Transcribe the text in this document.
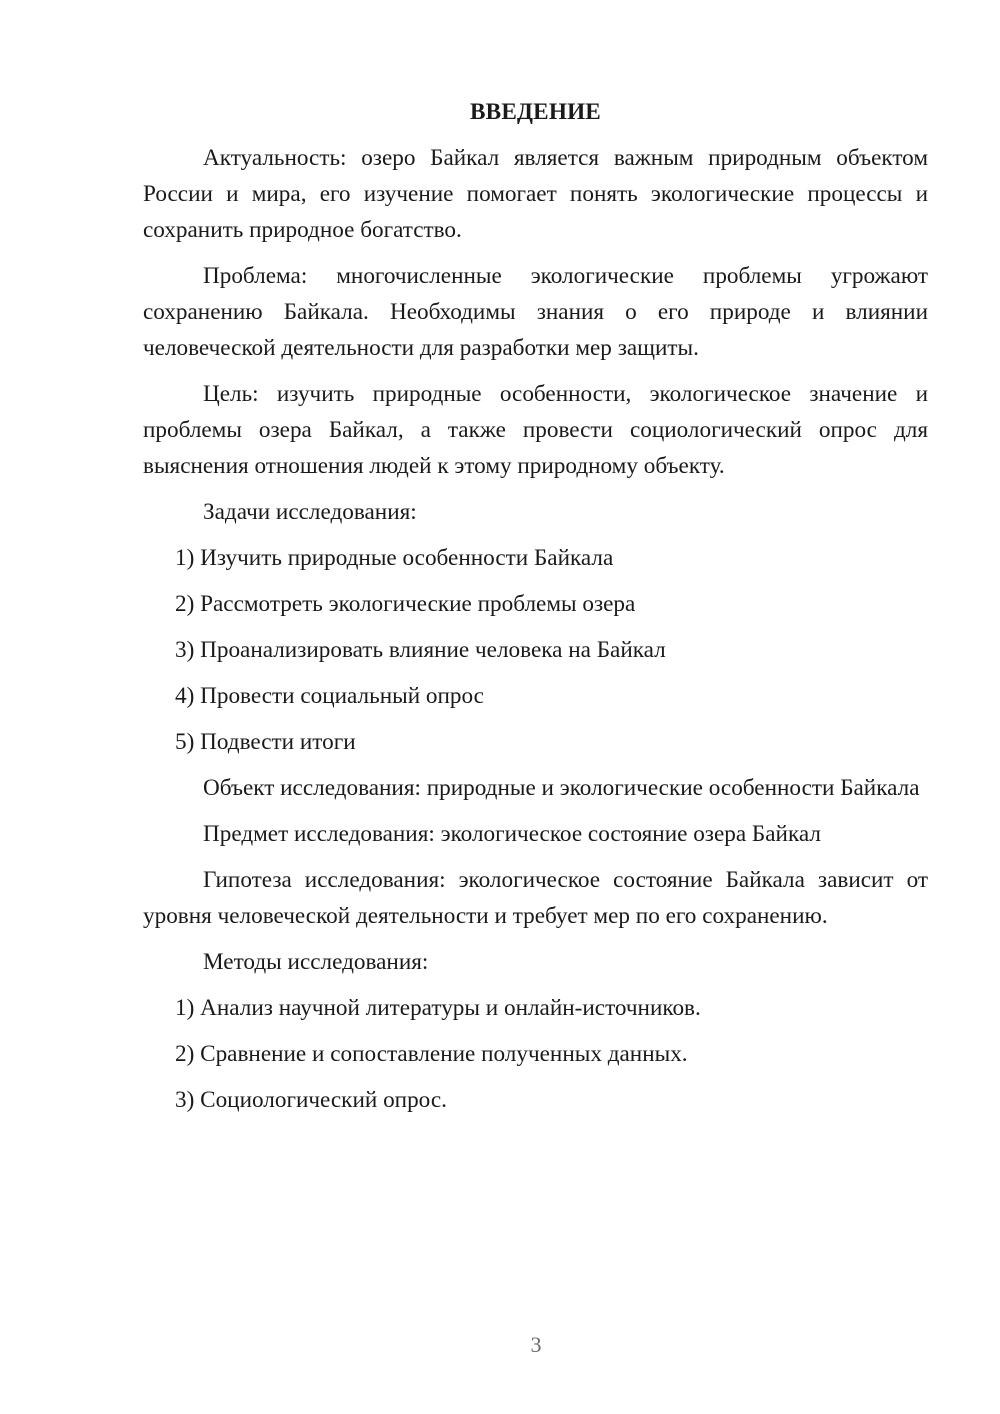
ВВЕДЕНИЕ

Актуальность: озеро Байкал является важным природным объектом России и мира, его изучение помогает понять экологические процессы и сохранить природное богатство.

Проблема: многочисленные экологические проблемы угрожают сохранению Байкала. Необходимы знания о его природе и влиянии человеческой деятельности для разработки мер защиты.

Цель: изучить природные особенности, экологическое значение и проблемы озера Байкал, а также провести социологический опрос для выяснения отношения людей к этому природному объекту.

Задачи исследования:

1) Изучить природные особенности Байкала

2) Рассмотреть экологические проблемы озера

3) Проанализировать влияние человека на Байкал

4) Провести социальный опрос

5) Подвести итоги

Объект исследования: природные и экологические особенности Байкала

Предмет исследования: экологическое состояние озера Байкал

Гипотеза исследования: экологическое состояние Байкала зависит от уровня человеческой деятельности и требует мер по его сохранению.

Методы исследования:

1) Анализ научной литературы и онлайн-источников.

2) Сравнение и сопоставление полученных данных.

3) Социологический опрос.

3
